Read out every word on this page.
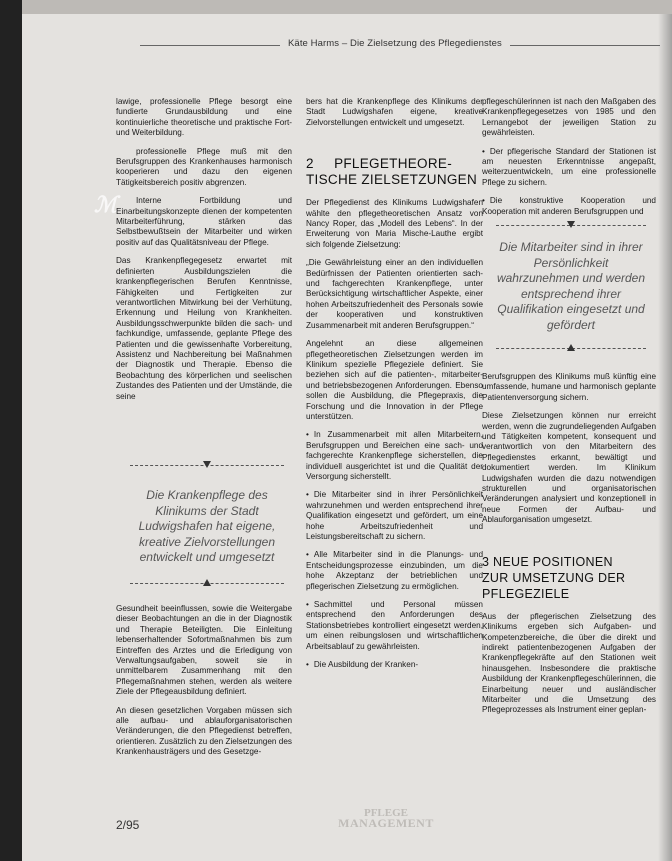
Käte Harms – Die Zielsetzung des Pflegedienstes
ℳ

lawige, professionelle Pflege besorgt eine fundierte Grundausbildung und eine kontinuierliche theoretische und praktische Fort- und Weiterbildung.

professionelle Pflege muß mit den Berufsgruppen des Krankenhauses harmonisch kooperieren und dazu den eigenen Tätigkeitsbereich positiv abgrenzen.

Interne Fortbildung und Einarbeitungskonzepte dienen der kompetenten Mitarbeiterführung, stärken das Selbstbewußtsein der Mitarbeiter und wirken positiv auf das Qualitätsniveau der Pflege.

Das Krankenpflegegesetz erwartet mit definierten Ausbildungszielen die krankenpflegerischen Berufen Kenntnisse, Fähigkeiten und Fertigkeiten zur verantwortlichen Mitwirkung bei der Verhütung, Erkennung und Heilung von Krankheiten. Ausbildungsschwerpunkte bilden die sach- und fachkundige, umfassende, geplante Pflege des Patienten und die gewissenhafte Vorbereitung, Assistenz und Nachbereitung bei Maßnahmen der Diagnostik und Therapie. Ebenso die Beobachtung des körperlichen und seelischen Zustandes des Patienten und der Umstände, die seine

Die Krankenpflege des Klinikums der Stadt Ludwigshafen hat eigene, kreative Zielvorstellungen entwickelt und umgesetzt

Gesundheit beeinflussen, sowie die Weitergabe dieser Beobachtungen an die in der Diagnostik und Therapie Beteiligten. Die Einleitung lebenserhaltender Sofortmaßnahmen bis zum Eintreffen des Arztes und die Erledigung von Verwaltungsaufgaben, soweit sie in unmittelbarem Zusammenhang mit den Pflegemaßnahmen stehen, werden als weitere Ziele der Pflegeausbildung definiert.

An diesen gesetzlichen Vorgaben müssen sich alle aufbau- und ablauforganisatorischen Veränderungen, die den Pflegedienst betreffen, orientieren. Zusätzlich zu den Zielsetzungen des Krankenhausträgers und des Gesetzge-

bers hat die Krankenpflege des Klinikums der Stadt Ludwigshafen eigene, kreative Zielvorstellungen entwickelt und umgesetzt.

2 PFLEGETHEORE-
TISCHE ZIELSETZUNGEN

Der Pflegedienst des Klinikums Ludwigshafen wählte den pflegetheoretischen Ansatz von Nancy Roper, das „Modell des Lebens“. In der Erweiterung von Maria Mische-Lauthe ergibt sich folgende Zielsetzung:

„Die Gewährleistung einer an den individuellen Bedürfnissen der Patienten orientierten sach- und fachgerechten Krankenpflege, unter Berücksichtigung wirtschaftlicher Aspekte, einer hohen Arbeitszufriedenheit des Personals sowie der kooperativen und konstruktiven Zusammenarbeit mit anderen Berufsgruppen.“

Angelehnt an diese allgemeinen pflegetheoretischen Zielsetzungen werden im Klinikum spezielle Pflegeziele definiert. Sie beziehen sich auf die patienten-, mitarbeiter- und betriebsbezogenen Anforderungen. Ebenso sollen die Ausbildung, die Pflegepraxis, die Forschung und die Innovation in der Pflege unterstützen.

• In Zusammenarbeit mit allen Mitarbeitern, Berufsgruppen und Bereichen eine sach- und fachgerechte Krankenpflege sicherstellen, die individuell ausgerichtet ist und die Qualität der Versorgung sicherstellt.

• Die Mitarbeiter sind in ihrer Persönlichkeit wahrzunehmen und werden entsprechend ihrer Qualifikation eingesetzt und gefördert, um eine hohe Arbeitszufriedenheit und Leistungsbereitschaft zu sichern.

• Alle Mitarbeiter sind in die Planungs- und Entscheidungsprozesse einzubinden, um die hohe Akzeptanz der betrieblichen und pflegerischen Zielsetzung zu ermöglichen.

• Sachmittel und Personal müssen entsprechend den Anforderungen des Stationsbetriebes kontrolliert eingesetzt werden, um einen reibungslosen und wirtschaftlichen Arbeitsablauf zu gewährleisten.

• Die Ausbildung der Kranken-

pflegeschülerinnen ist nach den Maßgaben des Krankenpflegegesetzes von 1985 und den Lernangebot der jeweiligen Station zu gewährleisten.

• Der pflegerische Standard der Stationen ist am neuesten Erkenntnisse angepaßt, weiterzuentwickeln, um eine professionelle Pflege zu sichern.

• Die konstruktive Kooperation und Kooperation mit anderen Berufsgruppen und

Die Mitarbeiter sind in ihrer Persönlichkeit wahrzunehmen und werden entsprechend ihrer Qualifikation eingesetzt und gefördert

Berufsgruppen des Klinikums muß künftig eine umfassende, humane und harmonisch geplante Patientenversorgung sichern.

Diese Zielsetzungen können nur erreicht werden, wenn die zugrundeliegenden Aufgaben und Tätigkeiten kompetent, konsequent und verantwortlich von den Mitarbeitern des Pflegedienstes erkannt, bewältigt und dokumentiert werden. Im Klinikum Ludwigshafen wurden die dazu notwendigen strukturellen und organisatorischen Veränderungen analysiert und konzeptionell in neue Formen der Aufbau- und Ablauforganisation umgesetzt.

3 NEUE POSITIONEN
ZUR UMSETZUNG DER
PFLEGEZIELE

Aus der pflegerischen Zielsetzung des Klinikums ergeben sich Aufgaben- und Kompetenzbereiche, die über die direkt und indirekt patientenbezogenen Aufgaben der Krankenpflegekräfte auf den Stationen weit hinausgehen. Insbesondere die praktische Ausbildung der Krankenpflegeschülerinnen, die Einarbeitung neuer und ausländischer Mitarbeiter und die Umsetzung des Pflegeprozesses als Instrument einer geplan-

2/95
PFLEGE
MANAGEMENT
